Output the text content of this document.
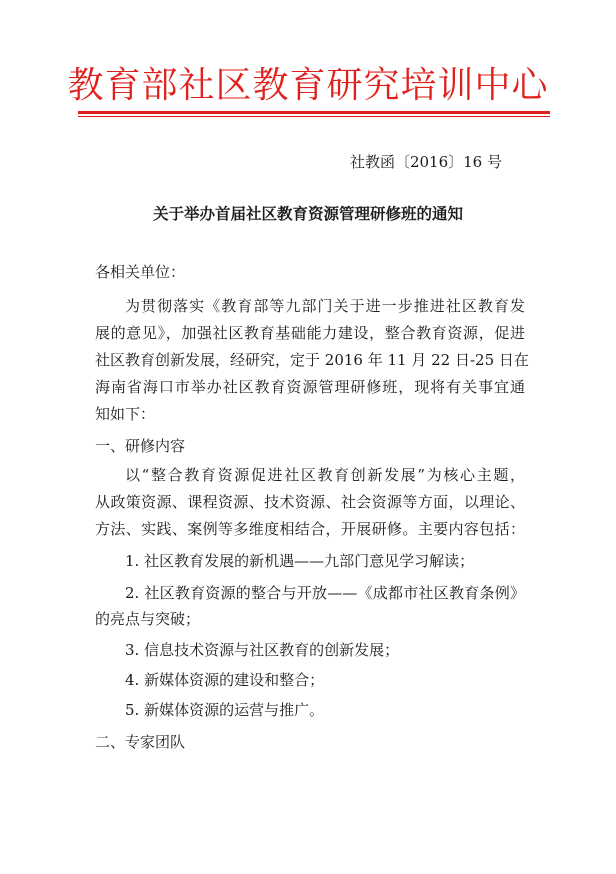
教育部社区教育研究培训中心
社教函〔2016〕16 号
关于举办首届社区教育资源管理研修班的通知
各相关单位：
为贯彻落实《教育部等九部门关于进一步推进社区教育发
展的意见》，加强社区教育基础能力建设，整合教育资源，促进
社区教育创新发展，经研究，定于 2016 年 11 月 22 日-25 日在
海南省海口市举办社区教育资源管理研修班，现将有关事宜通
知如下：
一、研修内容
以“整合教育资源促进社区教育创新发展”为核心主题，
从政策资源、课程资源、技术资源、社会资源等方面，以理论、
方法、实践、案例等多维度相结合，开展研修。主要内容包括：
1. 社区教育发展的新机遇——九部门意见学习解读；
2. 社区教育资源的整合与开放——《成都市社区教育条例》
的亮点与突破；
3. 信息技术资源与社区教育的创新发展；
4. 新媒体资源的建设和整合；
5. 新媒体资源的运营与推广。
二、专家团队
